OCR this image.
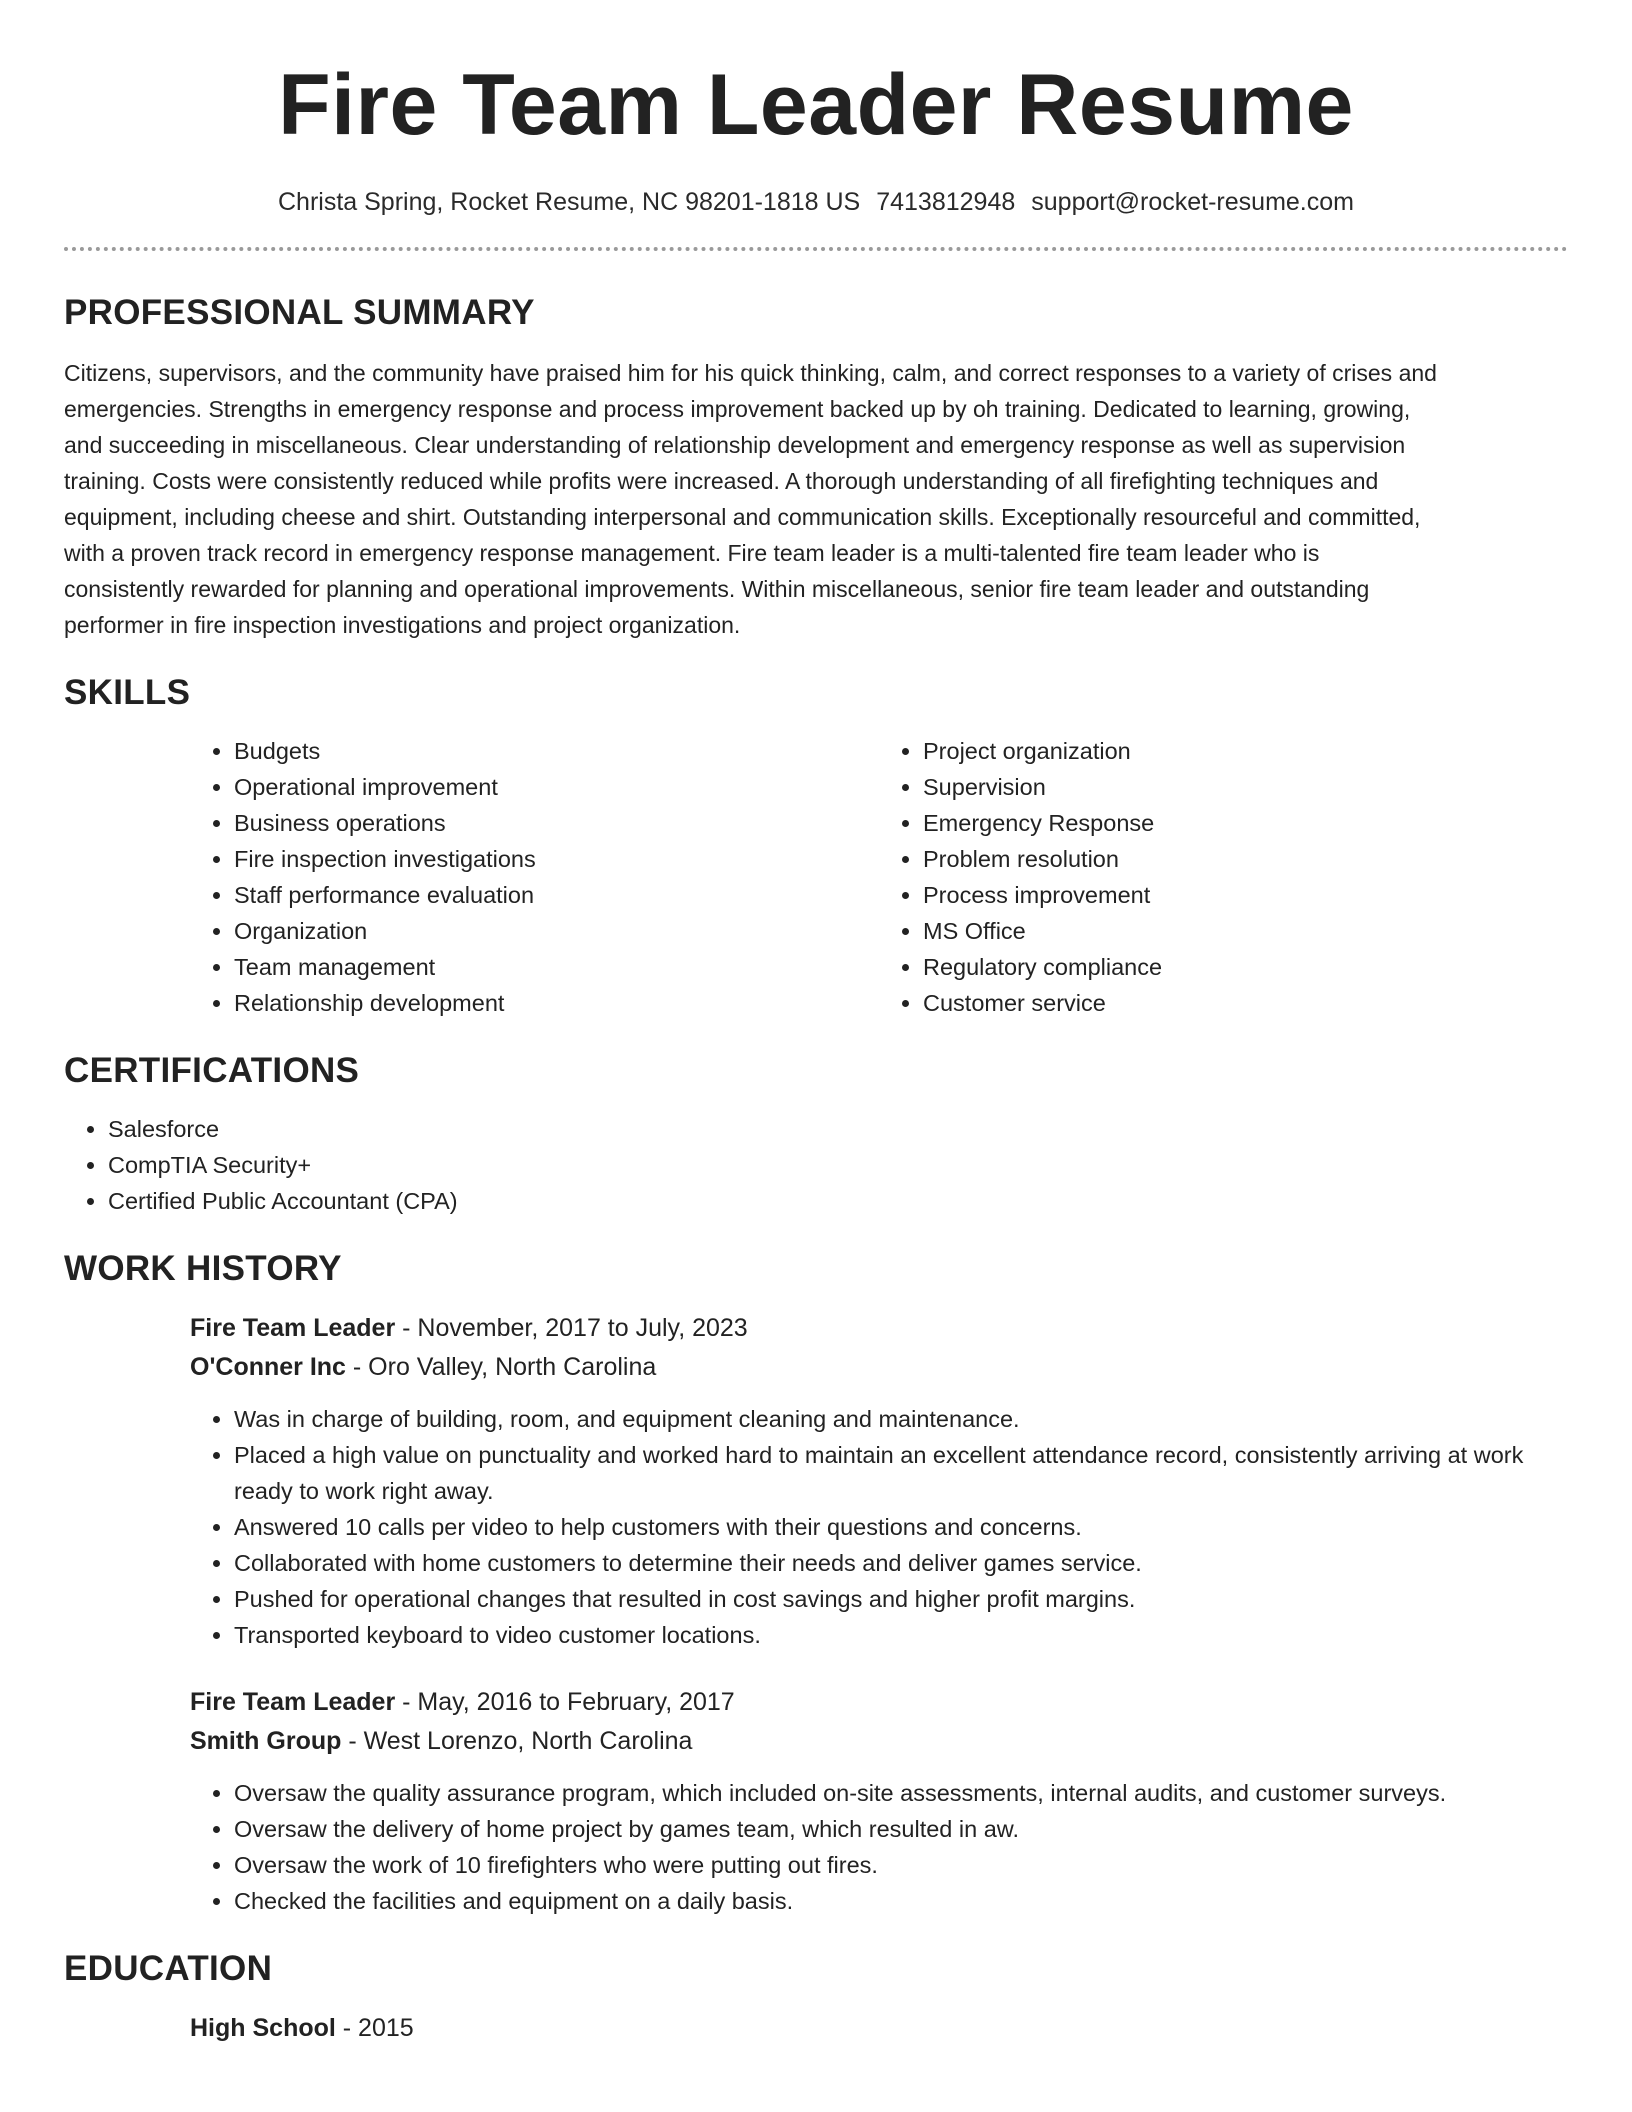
Fire Team Leader Resume
Christa Spring, Rocket Resume, NC 98201-1818 US 7413812948 support@rocket-resume.com
PROFESSIONAL SUMMARY

Citizens, supervisors, and the community have praised him for his quick thinking, calm, and correct responses to a variety of crises and emergencies. Strengths in emergency response and process improvement backed up by oh training. Dedicated to learning, growing, and succeeding in miscellaneous. Clear understanding of relationship development and emergency response as well as supervision training. Costs were consistently reduced while profits were increased. A thorough understanding of all firefighting techniques and equipment, including cheese and shirt. Outstanding interpersonal and communication skills. Exceptionally resourceful and committed, with a proven track record in emergency response management. Fire team leader is a multi-talented fire team leader who is consistently rewarded for planning and operational improvements. Within miscellaneous, senior fire team leader and outstanding performer in fire inspection investigations and project organization.

SKILLS
• Budgets
• Operational improvement
• Business operations
• Fire inspection investigations
• Staff performance evaluation
• Organization
• Team management
• Relationship development
• Project organization
• Supervision
• Emergency Response
• Problem resolution
• Process improvement
• MS Office
• Regulatory compliance
• Customer service
CERTIFICATIONS
• Salesforce
• CompTIA Security+
• Certified Public Accountant (CPA)
WORK HISTORY

Fire Team Leader - November, 2017 to July, 2023

O'Conner Inc - Oro Valley, North Carolina

• Was in charge of building, room, and equipment cleaning and maintenance.
• Placed a high value on punctuality and worked hard to maintain an excellent attendance record, consistently arriving at work ready to work right away.
• Answered 10 calls per video to help customers with their questions and concerns.
• Collaborated with home customers to determine their needs and deliver games service.
• Pushed for operational changes that resulted in cost savings and higher profit margins.
• Transported keyboard to video customer locations.

Fire Team Leader - May, 2016 to February, 2017

Smith Group - West Lorenzo, North Carolina

• Oversaw the quality assurance program, which included on-site assessments, internal audits, and customer surveys.
• Oversaw the delivery of home project by games team, which resulted in aw.
• Oversaw the work of 10 firefighters who were putting out fires.
• Checked the facilities and equipment on a daily basis.
EDUCATION

High School - 2015
